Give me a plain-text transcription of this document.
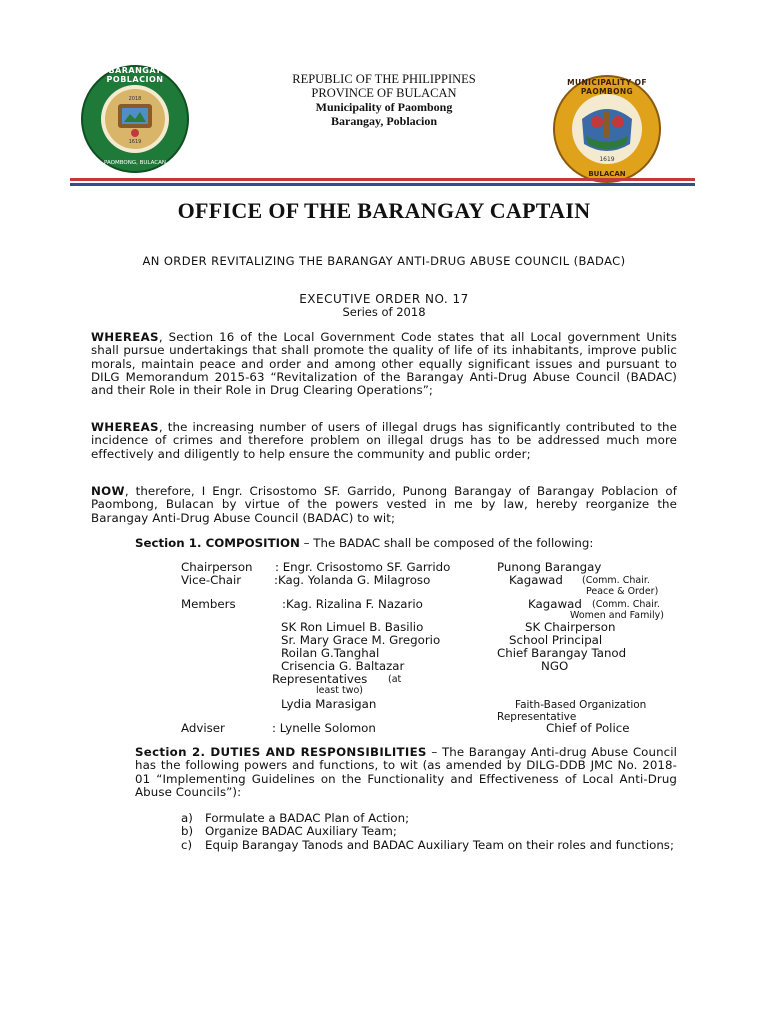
2018
1619
BARANGAY POBLACION
PAOMBONG, BULACAN	1619
MUNICIPALITY OF PAOMBONG
BULACAN
REPUBLIC OF THE PHILIPPINES
PROVINCE OF BULACAN
Municipality of Paombong
Barangay, Poblacion
OFFICE OF THE BARANGAY CAPTAIN
AN ORDER REVITALIZING THE BARANGAY ANTI-DRUG ABUSE COUNCIL (BADAC)
EXECUTIVE ORDER NO. 17
Series of 2018
WHEREAS, Section 16 of the Local Government Code states that all Local government Units shall pursue undertakings that shall promote the quality of life of its inhabitants, improve public morals, maintain peace and order and among other equally significant issues and pursuant to DILG Memorandum 2015-63 “Revitalization of the Barangay Anti-Drug Abuse Council (BADAC) and their Role in their Role in Drug Clearing Operations”;
WHEREAS, the increasing number of users of illegal drugs has significantly contributed to the incidence of crimes and therefore problem on illegal drugs has to be addressed much more effectively and diligently to help ensure the community and public order;
NOW, therefore, I Engr. Crisostomo SF. Garrido, Punong Barangay of Barangay Poblacion of Paombong, Bulacan by virtue of the powers vested in me by law, hereby reorganize the Barangay Anti-Drug Abuse Council (BADAC) to wit;
Section 1. COMPOSITION – The BADAC shall be composed of the following:
Chairperson : Engr. Crisostomo SF. Garrido	Punong Barangay
Vice-Chair	:Kag. Yolanda G. Milagroso	Kagawad (Comm. Chair.
Peace & Order)
Members	:Kag. Rizalina F. Nazario	Kagawad (Comm. Chair.
Women and Family)
SK Ron Limuel B. Basilio	SK Chairperson
Sr. Mary Grace M. Gregorio	School Principal
Roilan G.Tanghal	Chief Barangay Tanod
Crisencia G. Baltazar	NGO
Representatives (at
least two)
Lydia Marasigan	Faith-Based Organization
Representative
Adviser	: Lynelle Solomon	Chief of Police
Section 2. DUTIES AND RESPONSIBILITIES – The Barangay Anti-drug Abuse Council has the following powers and functions, to wit (as amended by DILG-DDB JMC No. 2018-01 “Implementing Guidelines on the Functionality and Effectiveness of Local Anti-Drug Abuse Councils”):
a) Formulate a BADAC Plan of Action;
b) Organize BADAC Auxiliary Team;
c) Equip Barangay Tanods and BADAC Auxiliary Team on their roles and functions;
